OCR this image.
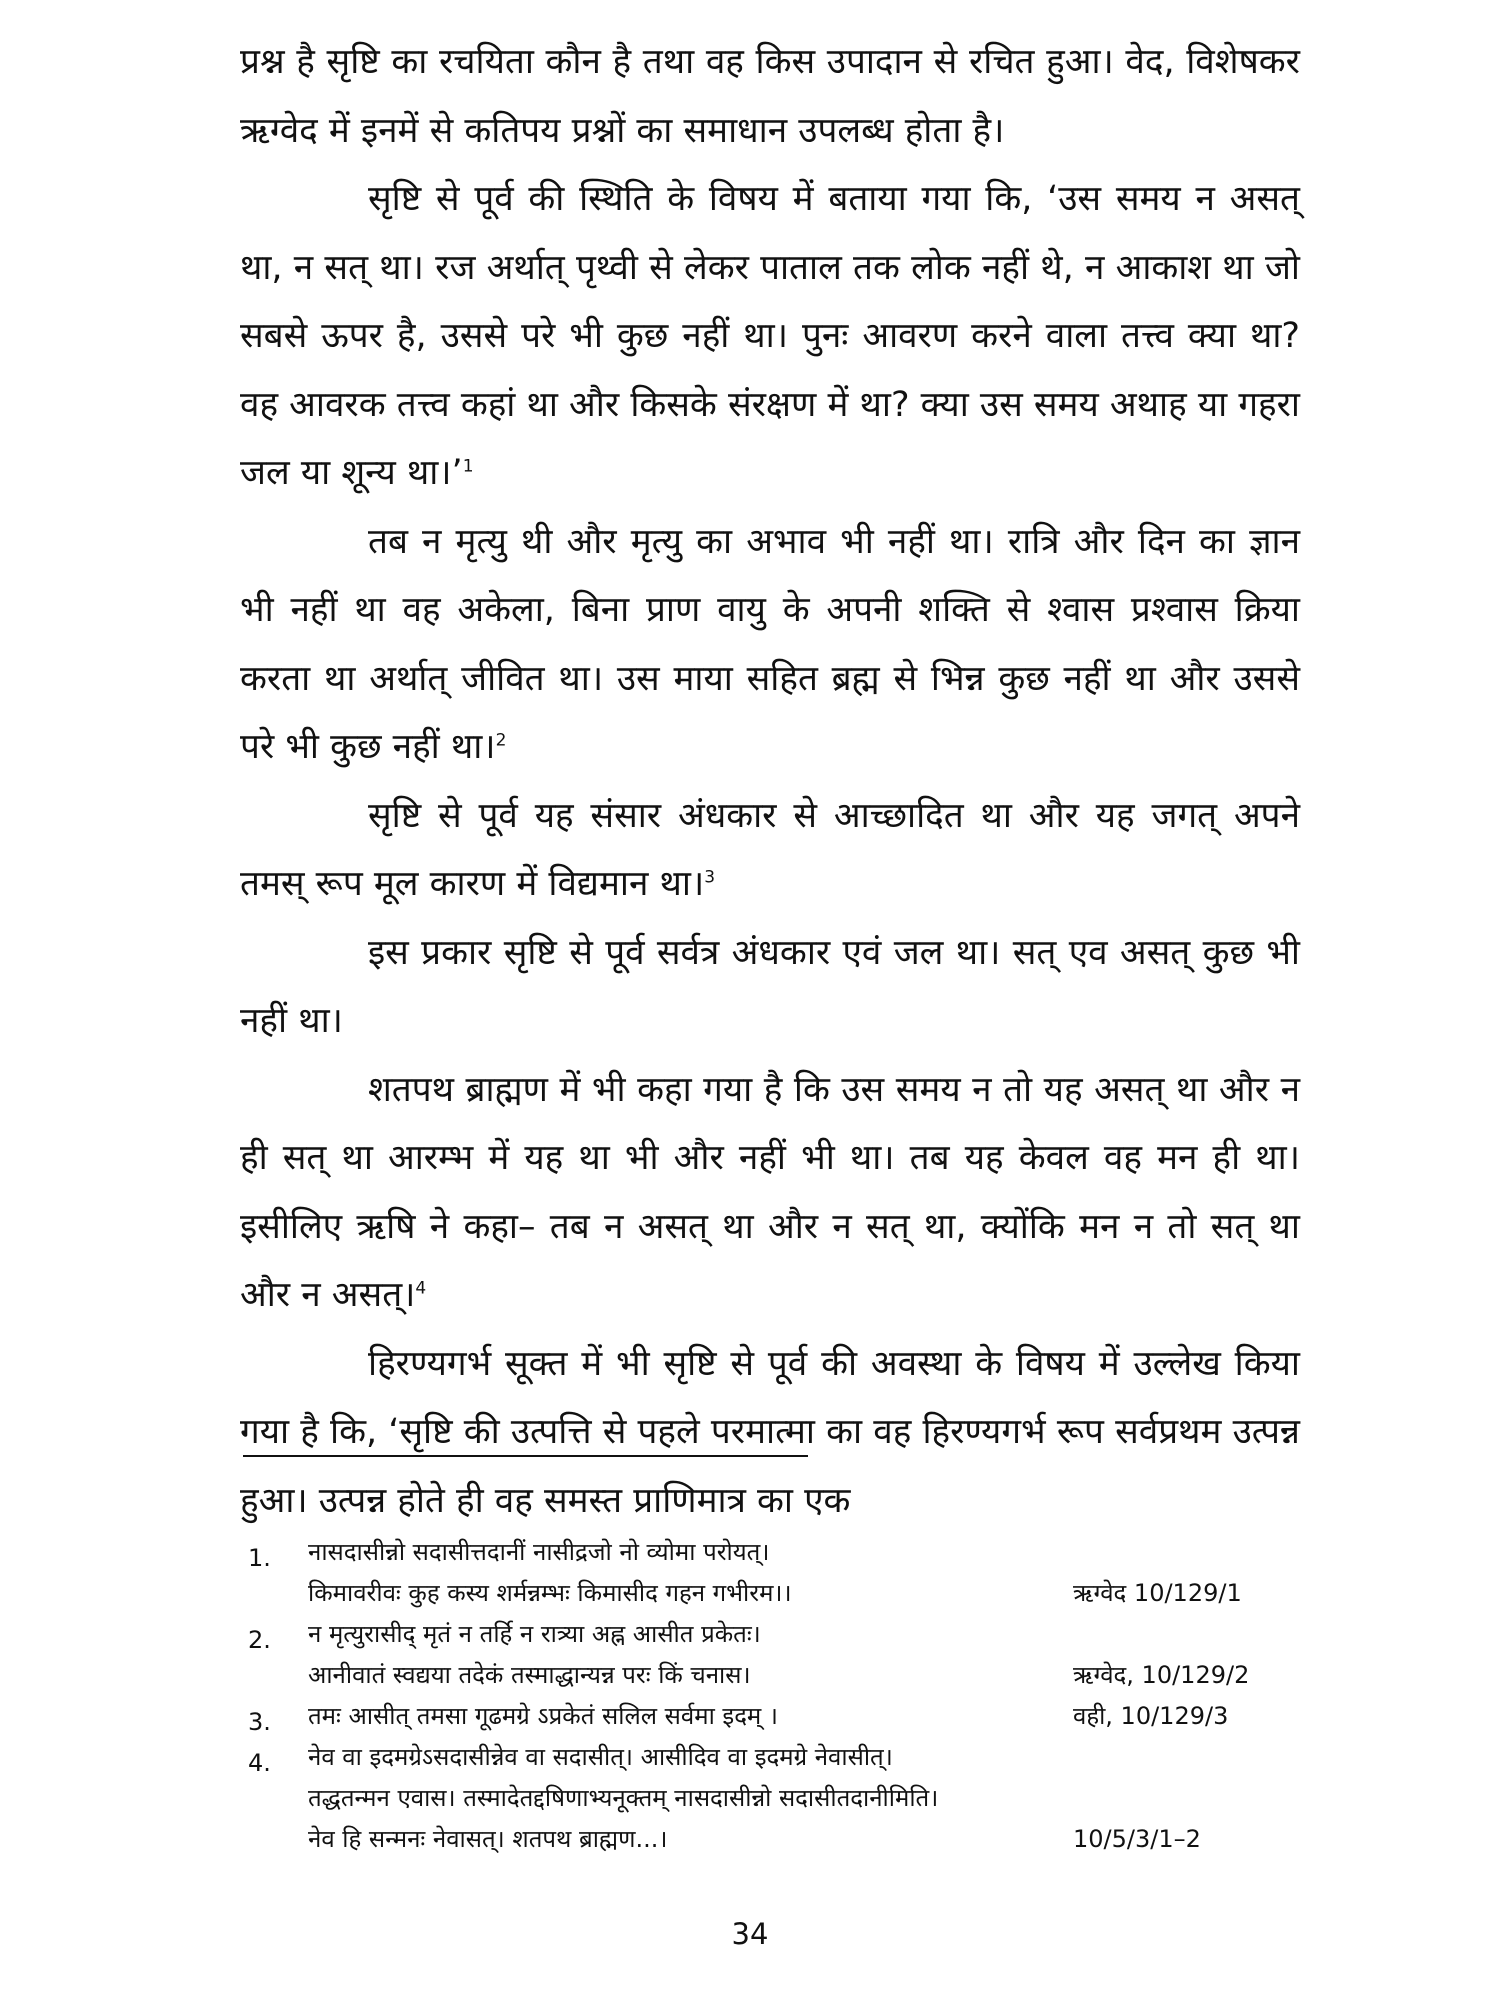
प्रश्न है सृष्टि का रचयिता कौन है तथा वह किस उपादान से रचित हुआ। वेद, विशेषकर ऋग्वेद में इनमें से कतिपय प्रश्नों का समाधान उपलब्ध होता है।

सृष्टि से पूर्व की स्थिति के विषय में बताया गया कि, ‘उस समय न असत् था, न सत् था। रज अर्थात् पृथ्वी से लेकर पाताल तक लोक नहीं थे, न आकाश था जो सबसे ऊपर है, उससे परे भी कुछ नहीं था। पुनः आवरण करने वाला तत्त्व क्या था? वह आवरक तत्त्व कहां था और किसके संरक्षण में था? क्या उस समय अथाह या गहरा जल या शून्य था।’$^1$

तब न मृत्यु थी और मृत्यु का अभाव भी नहीं था। रात्रि और दिन का ज्ञान भी नहीं था वह अकेला, बिना प्राण वायु के अपनी शक्ति से श्वास प्रश्वास क्रिया करता था अर्थात् जीवित था। उस माया सहित ब्रह्म से भिन्न कुछ नहीं था और उससे परे भी कुछ नहीं था।$^2$

सृष्टि से पूर्व यह संसार अंधकार से आच्छादित था और यह जगत् अपने तमस् रूप मूल कारण में विद्यमान था।$^3$

इस प्रकार सृष्टि से पूर्व सर्वत्र अंधकार एवं जल था। सत् एव असत् कुछ भी नहीं था।

शतपथ ब्राह्मण में भी कहा गया है कि उस समय न तो यह असत् था और न ही सत् था आरम्भ में यह था भी और नहीं भी था। तब यह केवल वह मन ही था। इसीलिए ऋषि ने कहा– तब न असत् था और न सत् था, क्योंकि मन न तो सत् था और न असत्।$^4$

हिरण्यगर्भ सूक्त में भी सृष्टि से पूर्व की अवस्था के विषय में उल्लेख किया गया है कि, ‘सृष्टि की उत्पत्ति से पहले परमात्मा का वह हिरण्यगर्भ रूप सर्वप्रथम उत्पन्न हुआ। उत्पन्न होते ही वह समस्त प्राणिमात्र का एक

1. नासदासीन्नो सदासीत्तदानीं नासीद्रजो नो व्योमा परोयत्।
किमावरीवः कुह कस्य शर्मन्नम्भः किमासीद गहन गभीरम।।	ऋग्वेद 10/129/1
2. न मृत्युरासीद् मृतं न तर्हि न रात्र्या अह्न आसीत प्रकेतः।
आनीवातं स्वद्यया तदेकं तस्माद्धान्यन्न परः किं चनास।	ऋग्वेद, 10/129/2
3. तमः आसीत् तमसा गूढमग्रे ऽप्रकेतं सलिल सर्वमा इदम् ।	वही, 10/129/3
4. नेव वा इदमग्रेऽसदासीन्नेव वा सदासीत्। आसीदिव वा इदमग्रे नेवासीत्।
तद्धतन्मन एवास। तस्मादेतद्दषिणाभ्यनूक्तम् नासदासीन्नो सदासीतदानीमिति।
नेव हि सन्मनः नेवासत्। शतपथ ब्राह्मण...।	10/5/3/1–2
34
